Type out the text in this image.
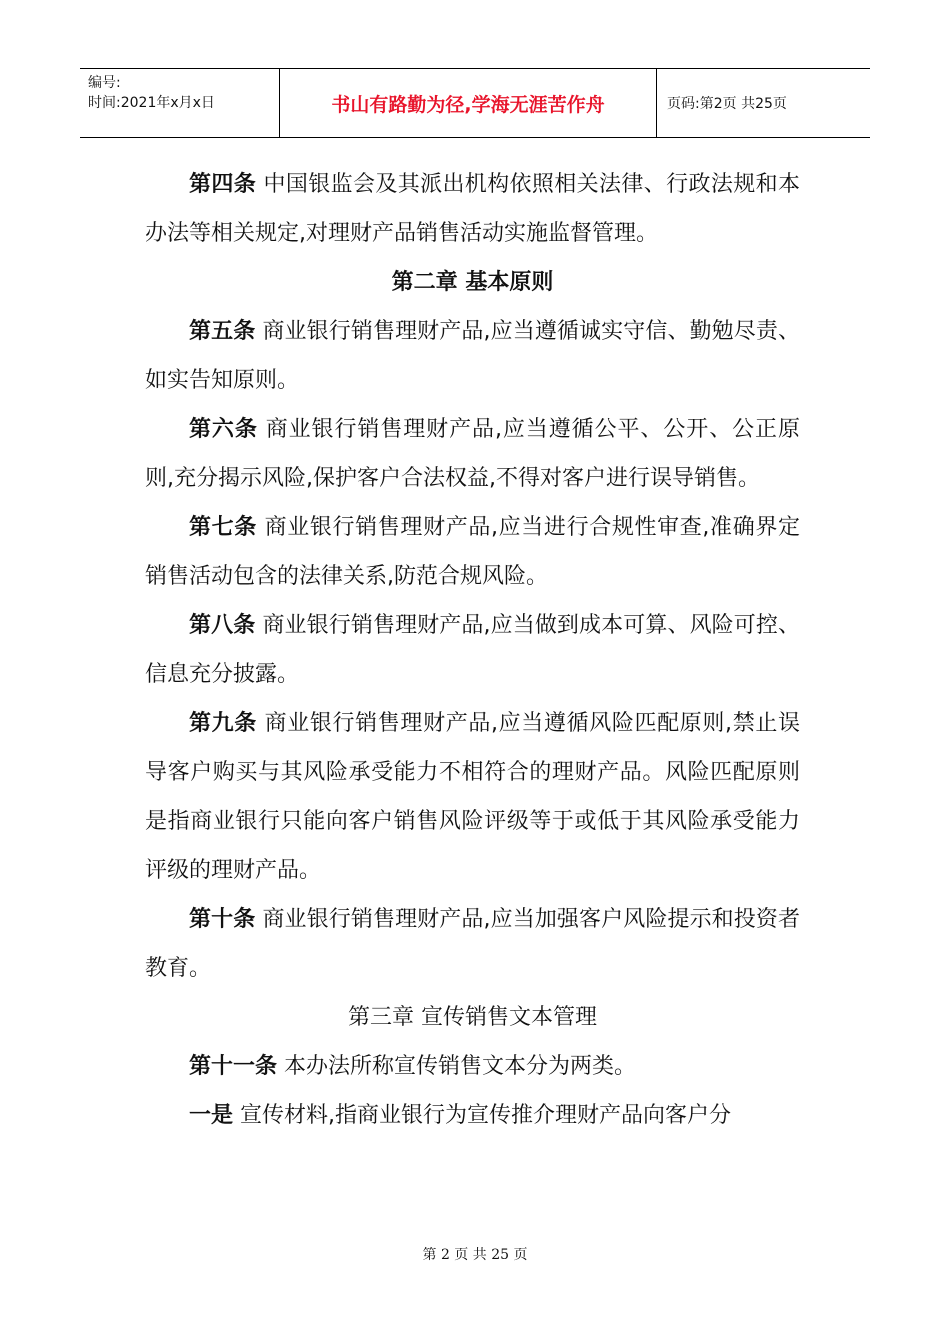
编号:
时间:2021年x月x日	书山有路勤为径,学海无涯苦作舟	页码:第2页 共25页

第四条 中国银监会及其派出机构依照相关法律、行政法规和本办法等相关规定,对理财产品销售活动实施监督管理。

第二章 基本原则

第五条 商业银行销售理财产品,应当遵循诚实守信、勤勉尽责、如实告知原则。

第六条 商业银行销售理财产品,应当遵循公平、公开、公正原则,充分揭示风险,保护客户合法权益,不得对客户进行误导销售。

第七条 商业银行销售理财产品,应当进行合规性审查,准确界定销售活动包含的法律关系,防范合规风险。

第八条 商业银行销售理财产品,应当做到成本可算、风险可控、信息充分披露。

第九条 商业银行销售理财产品,应当遵循风险匹配原则,禁止误导客户购买与其风险承受能力不相符合的理财产品。风险匹配原则是指商业银行只能向客户销售风险评级等于或低于其风险承受能力评级的理财产品。

第十条 商业银行销售理财产品,应当加强客户风险提示和投资者教育。

第三章 宣传销售文本管理

第十一条 本办法所称宣传销售文本分为两类。

一是 宣传材料,指商业银行为宣传推介理财产品向客户分

第 2 页 共 25 页
